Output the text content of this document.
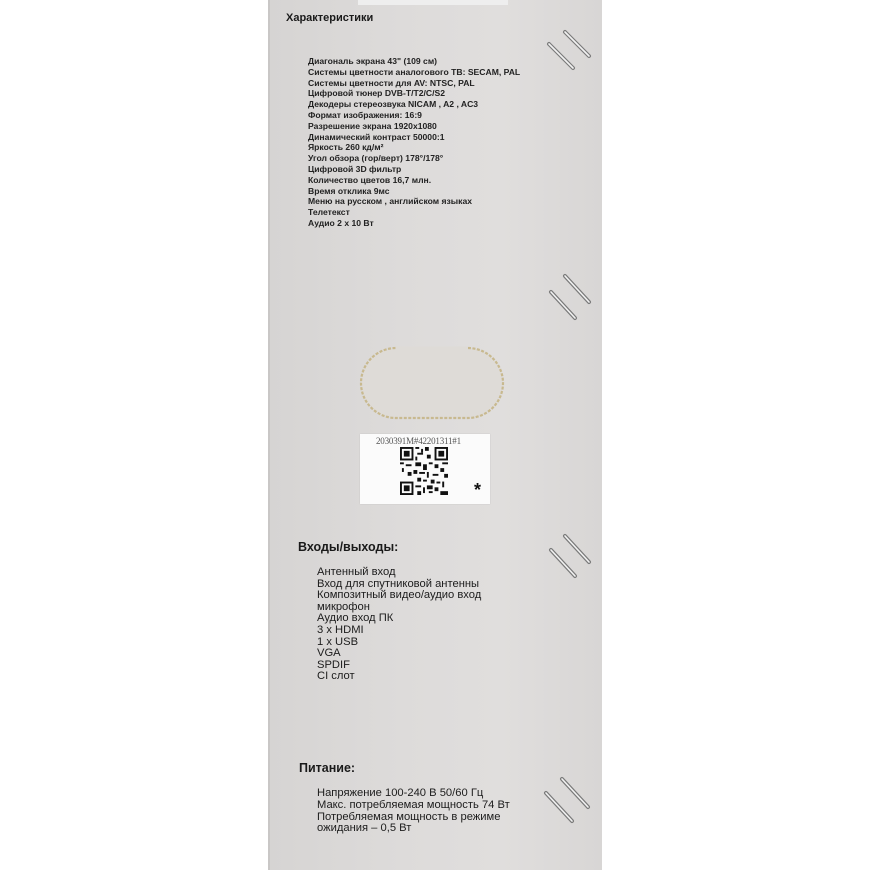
Характеристики
Диагональ экрана 43" (109 см)
Системы цветности аналогового ТВ: SECAM, PAL
Системы цветности для AV: NTSC, PAL
Цифровой тюнер DVB-T/T2/C/S2
Декодеры стереозвука NICAM , A2 , AC3
Формат изображения: 16:9
Разрешение экрана 1920x1080
Динамический контраст 50000:1
Яркость 260 кд/м²
Угол обзора (гор/верт) 178°/178°
Цифровой 3D фильтр
Количество цветов 16,7 млн.
Время отклика 9мс
Меню на русском , английском языках
Телетекст
Аудио 2 x 10 Вт
2030391M#42201311#1
*
Входы/выходы:
Антенный вход
Вход для спутниковой антенны
Композитный видео/аудио вход
микрофон
Аудио вход ПК
3 x HDMI
1 x USB
VGA
SPDIF
CI слот
Питание:
Напряжение 100-240 В 50/60 Гц
Макс. потребляемая мощность 74 Вт
Потребляемая мощность в режиме
ожидания – 0,5 Вт
